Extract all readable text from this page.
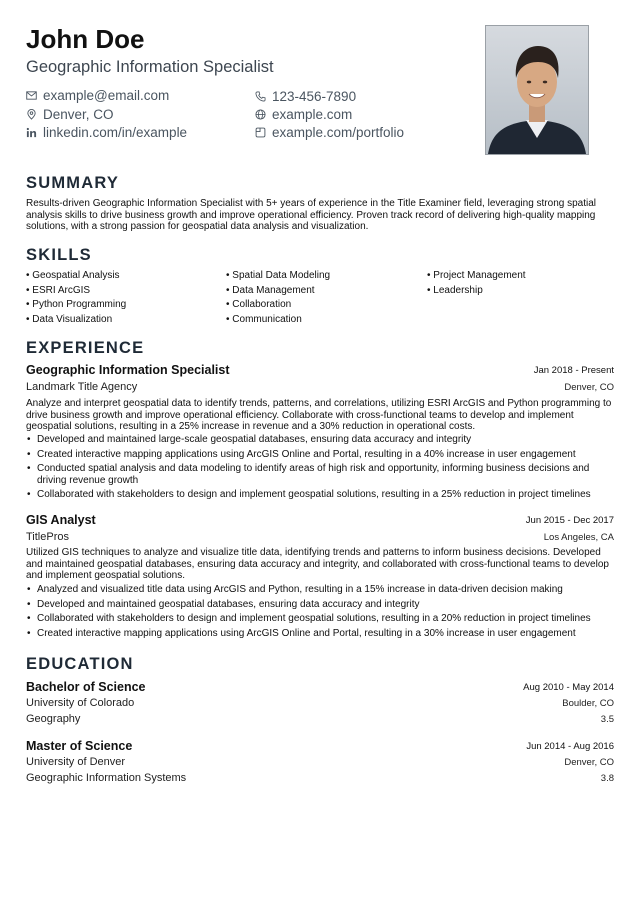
John Doe
Geographic Information Specialist
example@email.com	123-456-7890
Denver, CO	example.com
linkedin.com/in/example	example.com/portfolio
SUMMARY
Results-driven Geographic Information Specialist with 5+ years of experience in the Title Examiner field, leveraging strong spatial analysis skills to drive business growth and improve operational efficiency. Proven track record of delivering high-quality mapping solutions, with a strong passion for geospatial data analysis and visualization.
SKILLS
• Geospatial Analysis
• ESRI ArcGIS
• Python Programming
• Data Visualization
• Spatial Data Modeling
• Data Management
• Collaboration
• Communication
• Project Management
• Leadership
EXPERIENCE
Geographic Information Specialist	Jan 2018 - Present
Landmark Title Agency	Denver, CO
Analyze and interpret geospatial data to identify trends, patterns, and correlations, utilizing ESRI ArcGIS and Python programming to drive business growth and improve operational efficiency. Collaborate with cross-functional teams to develop and implement geospatial solutions, resulting in a 25% increase in revenue and a 30% reduction in operational costs.
• Developed and maintained large-scale geospatial databases, ensuring data accuracy and integrity
• Created interactive mapping applications using ArcGIS Online and Portal, resulting in a 40% increase in user engagement
• Conducted spatial analysis and data modeling to identify areas of high risk and opportunity, informing business decisions and driving revenue growth
• Collaborated with stakeholders to design and implement geospatial solutions, resulting in a 25% reduction in project timelines
GIS Analyst	Jun 2015 - Dec 2017
TitlePros	Los Angeles, CA
Utilized GIS techniques to analyze and visualize title data, identifying trends and patterns to inform business decisions. Developed and maintained geospatial databases, ensuring data accuracy and integrity, and collaborated with cross-functional teams to develop and implement geospatial solutions.
• Analyzed and visualized title data using ArcGIS and Python, resulting in a 15% increase in data-driven decision making
• Developed and maintained geospatial databases, ensuring data accuracy and integrity
• Collaborated with stakeholders to design and implement geospatial solutions, resulting in a 20% reduction in project timelines
• Created interactive mapping applications using ArcGIS Online and Portal, resulting in a 30% increase in user engagement
EDUCATION
Bachelor of Science	Aug 2010 - May 2014
University of Colorado	Boulder, CO
Geography	3.5
Master of Science	Jun 2014 - Aug 2016
University of Denver	Denver, CO
Geographic Information Systems	3.8
